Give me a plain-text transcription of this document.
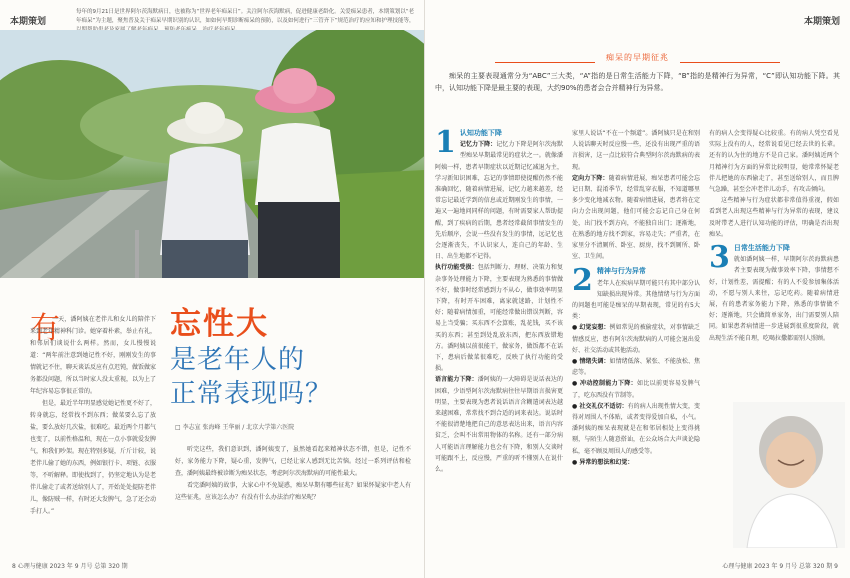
本期策划
每年的9月21日是世界阿尔茨海默病日，也被称为“世界老年痴呆日”。关注阿尔茨海默病，促进健康老龄化。关爱痴呆患者，本期策划以“老年痴呆”为主题，聚焦普及关于痴呆早期识别的认识，如如何早期诊断痴呆的预防，以及如何进行“三管齐下”规范治疗的应知和护理技能等，
有

一天，潘阿姨在老伴儿和女儿的陪伴下来到老年精神科门诊。她穿着朴素，举止有礼，和邻居们谈说什么两样。然而，女儿慢慢说道：“两年前注意到她记性不好，刚刚发生的事情就记不住，聊天谈话反应有点迟钝，做饭做家务都没问题，所以当时家人没太重视，以为上了年纪容易忘事很正常的。

但是，最近半年明显感觉她记性更不好了，转身就忘，经常找不到东西；做菜要么忘了放盐，要么放好几次盐，很难吃。最近两个月都气也变了，以前性格温和，现在一点小事就爱发脾气，和我们吵架。现在特别多疑，斤斤计较，说老伴儿偷了她的东西，例如银行卡、项链、衣服等，不听解释。即使找到了，仍坚定地认为是老伴儿偷走了或者送给别人了，开始处处提防老伴儿，像防贼一样，有时还大发脾气，急了还会动手打人。”

忘性大
是老年人的
正常表现吗？
□ 李志宣 张海峰 王华丽 / 北京大学第六医院

听完这些，我们意识到，潘阿姨变了，虽然她看起来精神状态不错，但是，记性不好，家务能力下降，疑心重，发脾气，已经让家人感到无比苦恼。经过一系列评估和检查，潘阿姨最终被诊断为痴呆状态，考虑阿尔茨海默病的可能性最大。

看完潘阿姨的故事，大家心中不免疑惑，痴呆早期有哪些征兆？如果怀疑家中老人有这些征兆，应该怎么办？有没有什么办法治疗痴呆呢？

8 心理与健康 2023 年 9 月号 总第 320 期
本期策划
痴呆的早期征兆
痴呆的主要表现通常分为“ABC”三大类，“A”指的是日常生活能力下降，“B”指的是精神行为异常，“C”即认知功能下降。其中，认知功能下降是最主要的表现，大约90%的患者会合并精神行为异常。
1 认知功能下降

记忆力下降：记忆力下降是阿尔茨海默型痴呆早期最常见的症状之一。就像潘阿姨一样，患者早期症状以近期记忆减退为主，学习新知识困难，忘记的事情即使提醒仍然不能准确回忆，随着病情进展，记忆力越来越差，经常忘记最近学到的信息或近期刚发生的事情，一遍又一遍地问同样的问题，有时需要家人帮助提醒，到了疾病的后期，患者经常截留事情发生的先后顺序，会说一些没有发生的事情，远记忆也会逐渐丧失，不认识家人，连自己的年龄、生日、出生地都不记得。

执行功能受损：包括判断力、理财、决策力和复杂事务处理能力下降，主要表现为熟悉的事情做不好，做事时经常感到力不从心，做事效率明显下降，有时开车困难，离家就迷路，计划性不好；随着病情加重，可能经常做出错误判断，容易上当受骗；买东西不会算账，乱花钱，买不该买的东西；甚至到处乱放东西，把东西放错地方。潘阿姨以前很能干，做家务，做饭都不在话下，患病后做菜很难吃，反映了执行功能的受损。

语言能力下降：潘阿姨的一大障碍是说话表达的困难，少语型阿尔茨海默病往往早期语言损害更明显，主要表现为患者说话语言含糊遣词表达越来越困难，常常找不到合适的词来表达。说话时不能很清楚地把自己的意思表达出来，语言内容贫乏，会叫不出常用物体的名称。还有一部分病人可能语言理解能力也会有下降，和别人交谈时可能跟不上，反应慢，严重的听不懂别人在说什么。

家里人说话“不在一个频道”。潘阿姨只是在和别人说话聊天时反应慢一些，还没有出现严重的语言损害，这一点比较符合典型阿尔茨海默病的表现。

定向力下降：随着病情进展，痴呆患者可能会忘记日期、混淆季节，经常乱穿衣服，不知道哪里多少变化地减衣物。随着病情进展，患者将在定向力会出现问题，他们可能会忘记自己身在何处，出门找不到方向，不能独自出门；逐渐地，在熟悉的地方找不到家，容易走失；严重者，在家里分不清厕所、卧室、厨房，找不到厕所、卧室、卫生间。

2 精神与行为异常

老年人在疾病早期可能只有其中部分认知缺损出现异常。其他情绪与行为方面的问题也可能是痴呆的早期表现，常见的有5大类：

● 幻觉妄想：例如常见的被偷症状，对事情缺乏情感反应，患有阿尔茨海默病的人可能会退出爱好、社交活动或其他活动。

● 情绪失调：如情绪低落、紧张、不能放松、焦虑等。

● 冲动控制能力下降：如比以前更容易发脾气了，吃东西没有节制等。

● 社交礼仪不适切：有的病人出现性情大变，变得对周围人不体贴，或者变得爱加自私，小气。潘阿姨的痴呆表现就是在和邻居相处上变得挑剔，与陌生人随意搭讪，在公众场合大声谈论隐私，毫不顾及周围人的感受等。

● 异常的想法和幻觉：

有的病人会变得疑心比较重。有的病人凭空看见实际上没有的人，经常说看见已经去世的长辈。还有的认为住的地方不是自己家。潘阿姨近两个月精神行为方面的异常比较明显，她常常怀疑老伴儿把她的东西偷走了，甚至送给别人，而且脾气急躁，甚至会冲老伴儿动手，有攻击倾向。

这些精神与行为症状都非常值得重视，假如看到老人出现这些精神与行为异常的表现，建议及时带老人进行认知功能的评估，明确是否出现痴呆。

3 日常生活能力下降

就如潘阿姨一样，早期阿尔茨海默病患者主要表现为做事效率下降，事情想不好，计划性差，需提醒；有的人不爱参加集体活动，不愿与别人来往，忘记吃药。随着病情进展，有的患者家务能力下降，熟悉的事情做不好；逐渐地，只会做简单家务，出门需要别人陪同。如果患者病情进一步进展到很重度阶段，就出现生活不能自理，吃喝拉撒都需别人照顾。

心理与健康 2023 年 9 月号 总第 320 期 9
